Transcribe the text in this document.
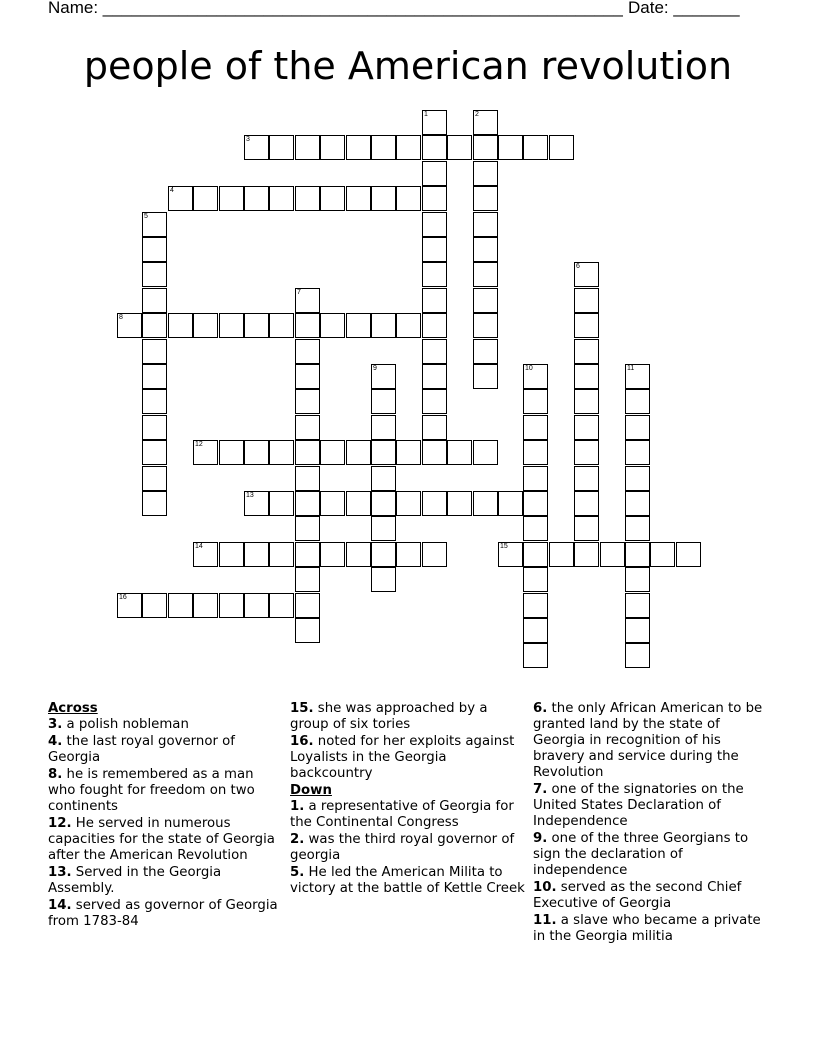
Name: _______________________________________________________ Date: _______
people of the American revolution
3
4
8
12
13
14	15
16
1	2
5
6
7
9	10	11

Across

3. a polish nobleman

4. the last royal governor of Georgia

8. he is remembered as a man who fought for freedom on two continents

12. He served in numerous capacities for the state of Georgia after the American Revolution

13. Served in the Georgia Assembly.

14. served as governor of Georgia from 1783-84

15. she was approached by a group of six tories

16. noted for her exploits against Loyalists in the Georgia backcountry

Down

1. a representative of Georgia for the Continental Congress

2. was the third royal governor of georgia

5. He led the American Milita to victory at the battle of Kettle Creek

6. the only African American to be granted land by the state of Georgia in recognition of his bravery and service during the Revolution

7. one of the signatories on the United States Declaration of Independence

9. one of the three Georgians to sign the declaration of independence

10. served as the second Chief Executive of Georgia

11. a slave who became a private in the Georgia militia
